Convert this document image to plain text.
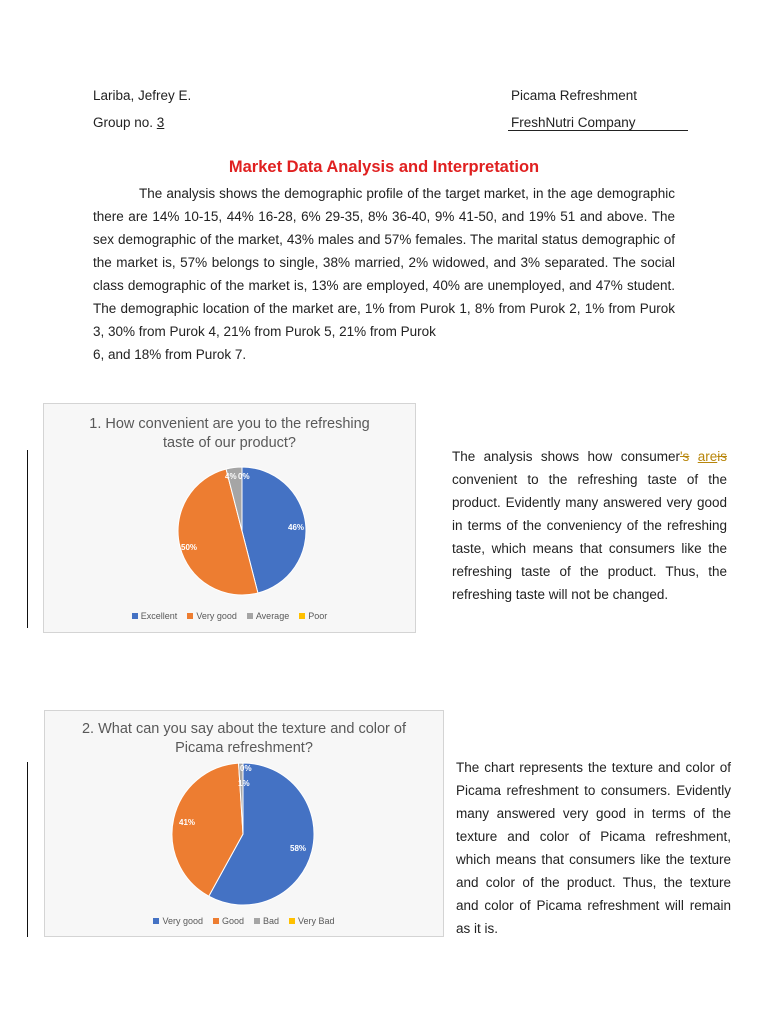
Lariba, Jefrey E.
Group no. 3
Picama Refreshment
FreshNutri Company
Market Data Analysis and Interpretation

The analysis shows the demographic profile of the target market, in the age demographic there are 14% 10-15, 44% 16-28, 6% 29-35, 8% 36-40, 9% 41-50, and 19% 51 and above. The sex demographic of the market, 43% males and 57% females. The marital status demographic of the market is, 57% belongs to single, 38% married, 2% widowed, and 3% separated. The social class demographic of the market is, 13% are employed, 40% are unemployed, and 47% student. The demographic location of the market are, 1% from Purok 1, 8% from Purok 2, 1% from Purok 3, 30% from Purok 4, 21% from Purok 5, 21% from Purok

6, and 18% from Purok 7.

1. How convenient are you to the refreshing
taste of our product?
46%
50%
4% 0%
Excellent Very good Average Poor

The analysis shows how consumer's areis convenient to the refreshing taste of the product. Evidently many answered very good in terms of the conveniency of the refreshing taste, which means that consumers like the refreshing taste of the product. Thus, the refreshing taste will not be changed.

2. What can you say about the texture and color of
Picama refreshment?
58%
41%
1%
0%
Very good Good Bad Very Bad
The chart represents the texture and color of Picama refreshment to consumers. Evidently many answered very good in terms of the texture and color of Picama refreshment, which means that consumers like the texture and color of the product. Thus, the texture and color of Picama refreshment will remain as it is.
